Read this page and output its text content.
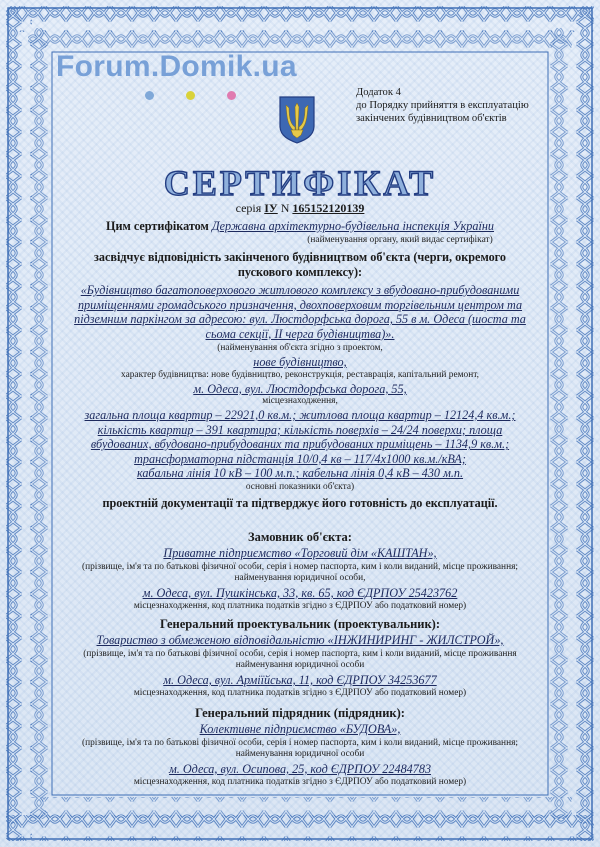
Forum.Domik.ua
Додаток 4
до Порядку прийняття в експлуатацію
закінчених будівництвом об'єктів
СЕРТИФІКАТ
серія IУ N 165152120139
Цим сертифікатом Державна архітектурно-будівельна інспекція України
(найменування органу, який видає сертифікат)
засвідчує відповідність закінченого будівництвом об'єкта (черги, окремого
пускового комплексу):
«Будівництво багатоповерхового житлового комплексу з вбудовано-прибудованими
приміщеннями громадського призначення, двохповерховим торгівельним центром та
підземним паркінгом за адресою: вул. Люстдорфська дорога, 55 в м. Одеса (шоста та
сьома секції, ІІ черга будівництва)».
(найменування об'єкта згідно з проектом,
нове будівництво,
характер будівництва: нове будівництво, реконструкція, реставрація, капітальний ремонт,
м. Одеса, вул. Люстдорфська дорога, 55,
місцезнаходження,
загальна площа квартир – 22921,0 кв.м.; житлова площа квартир – 12124,4 кв.м.;
кількість квартир – 391 квартира; кількість поверхів – 24/24 поверхи; площа
вбудованих, вбудовано-прибудованих та прибудованих приміщень – 1134,9 кв.м.;
трансформаторна підстанція 10/0,4 кв – 117/4х1000 кв.м./кВА;
кабальна лінія 10 кВ – 100 м.п.; кабельна лінія 0,4 кВ – 430 м.п.
основні показники об'єкта)
проектній документації та підтверджує його готовність до експлуатації.
Замовник об'єкта:
Приватне підприємство «Торговий дім «КАШТАН»,
(прізвище, ім'я та по батькові фізичної особи, серія і номер паспорта, ким і коли виданий, місце проживання;
найменування юридичної особи,
м. Одеса, вул. Пушкінська, 33, кв. 65, код ЄДРПОУ 25423762
місцезнаходження, код платника податків згідно з ЄДРПОУ або податковий номер)
Генеральний проектувальник (проектувальник):
Товариство з обмеженою відповідальністю «ІНЖИНИРИНГ - ЖИЛСТРОЙ»,
(прізвище, ім'я та по батькові фізичної особи, серія і номер паспорта, ким і коли виданий, місце проживання
найменування юридичної особи
м. Одеса, вул. Арміїйська, 11, код ЄДРПОУ 34253677
місцезнаходження, код платника податків згідно з ЄДРПОУ або податковий номер)
Генеральний підрядник (підрядник):
Колективне підприємство «БУДОВА»,
(прізвище, ім'я та по батькові фізичної особи, серія і номер паспорта, ким і коли виданий, місце проживання;
найменування юридичної особи
м. Одеса, вул. Осипова, 25, код ЄДРПОУ 22484783
місцезнаходження, код платника податків згідно з ЄДРПОУ або податковий номер)
